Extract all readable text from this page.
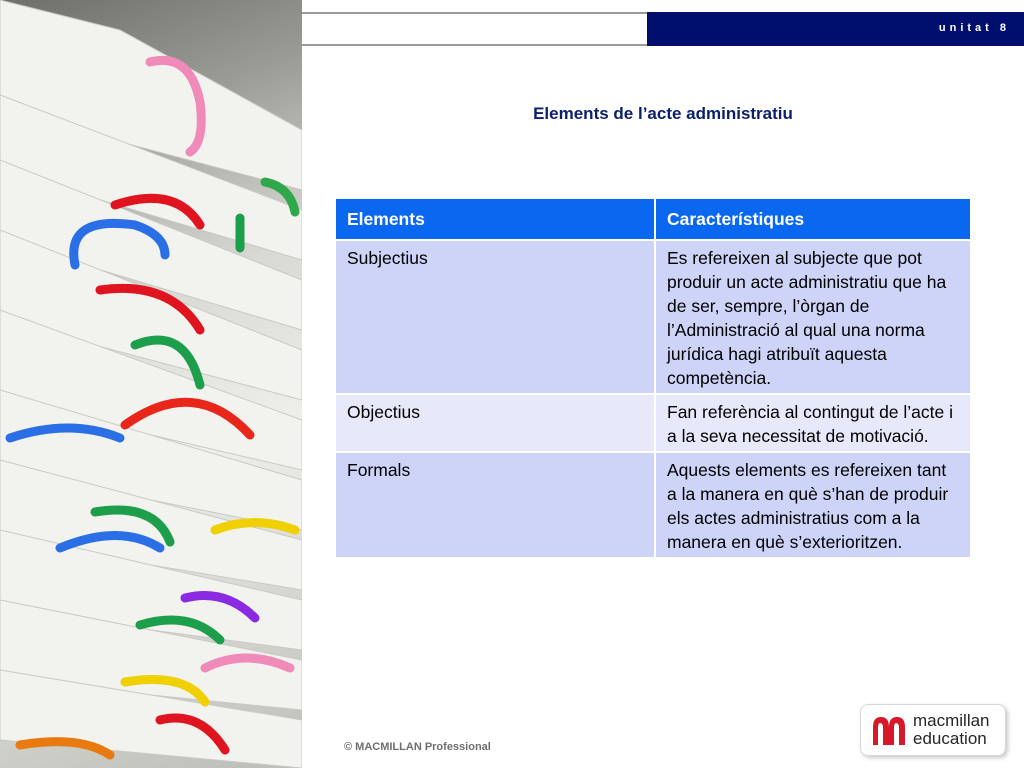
unitat 8
Elements de l’acte administratiu
Elements	Característiques
Subjectius	Es refereixen al subjecte que pot produir un acte administratiu que ha de ser, sempre, l’òrgan de l’Administració al qual una norma jurídica hagi atribuït aquesta competència.
Objectius	Fan referència al contingut de l’acte i a la seva necessitat de motivació.
Formals	Aquests elements es refereixen tant a la manera en què s’han de produir els actes administratius com a la manera en què s’exterioritzen.
© MACMILLAN Professional
macmillan
education
